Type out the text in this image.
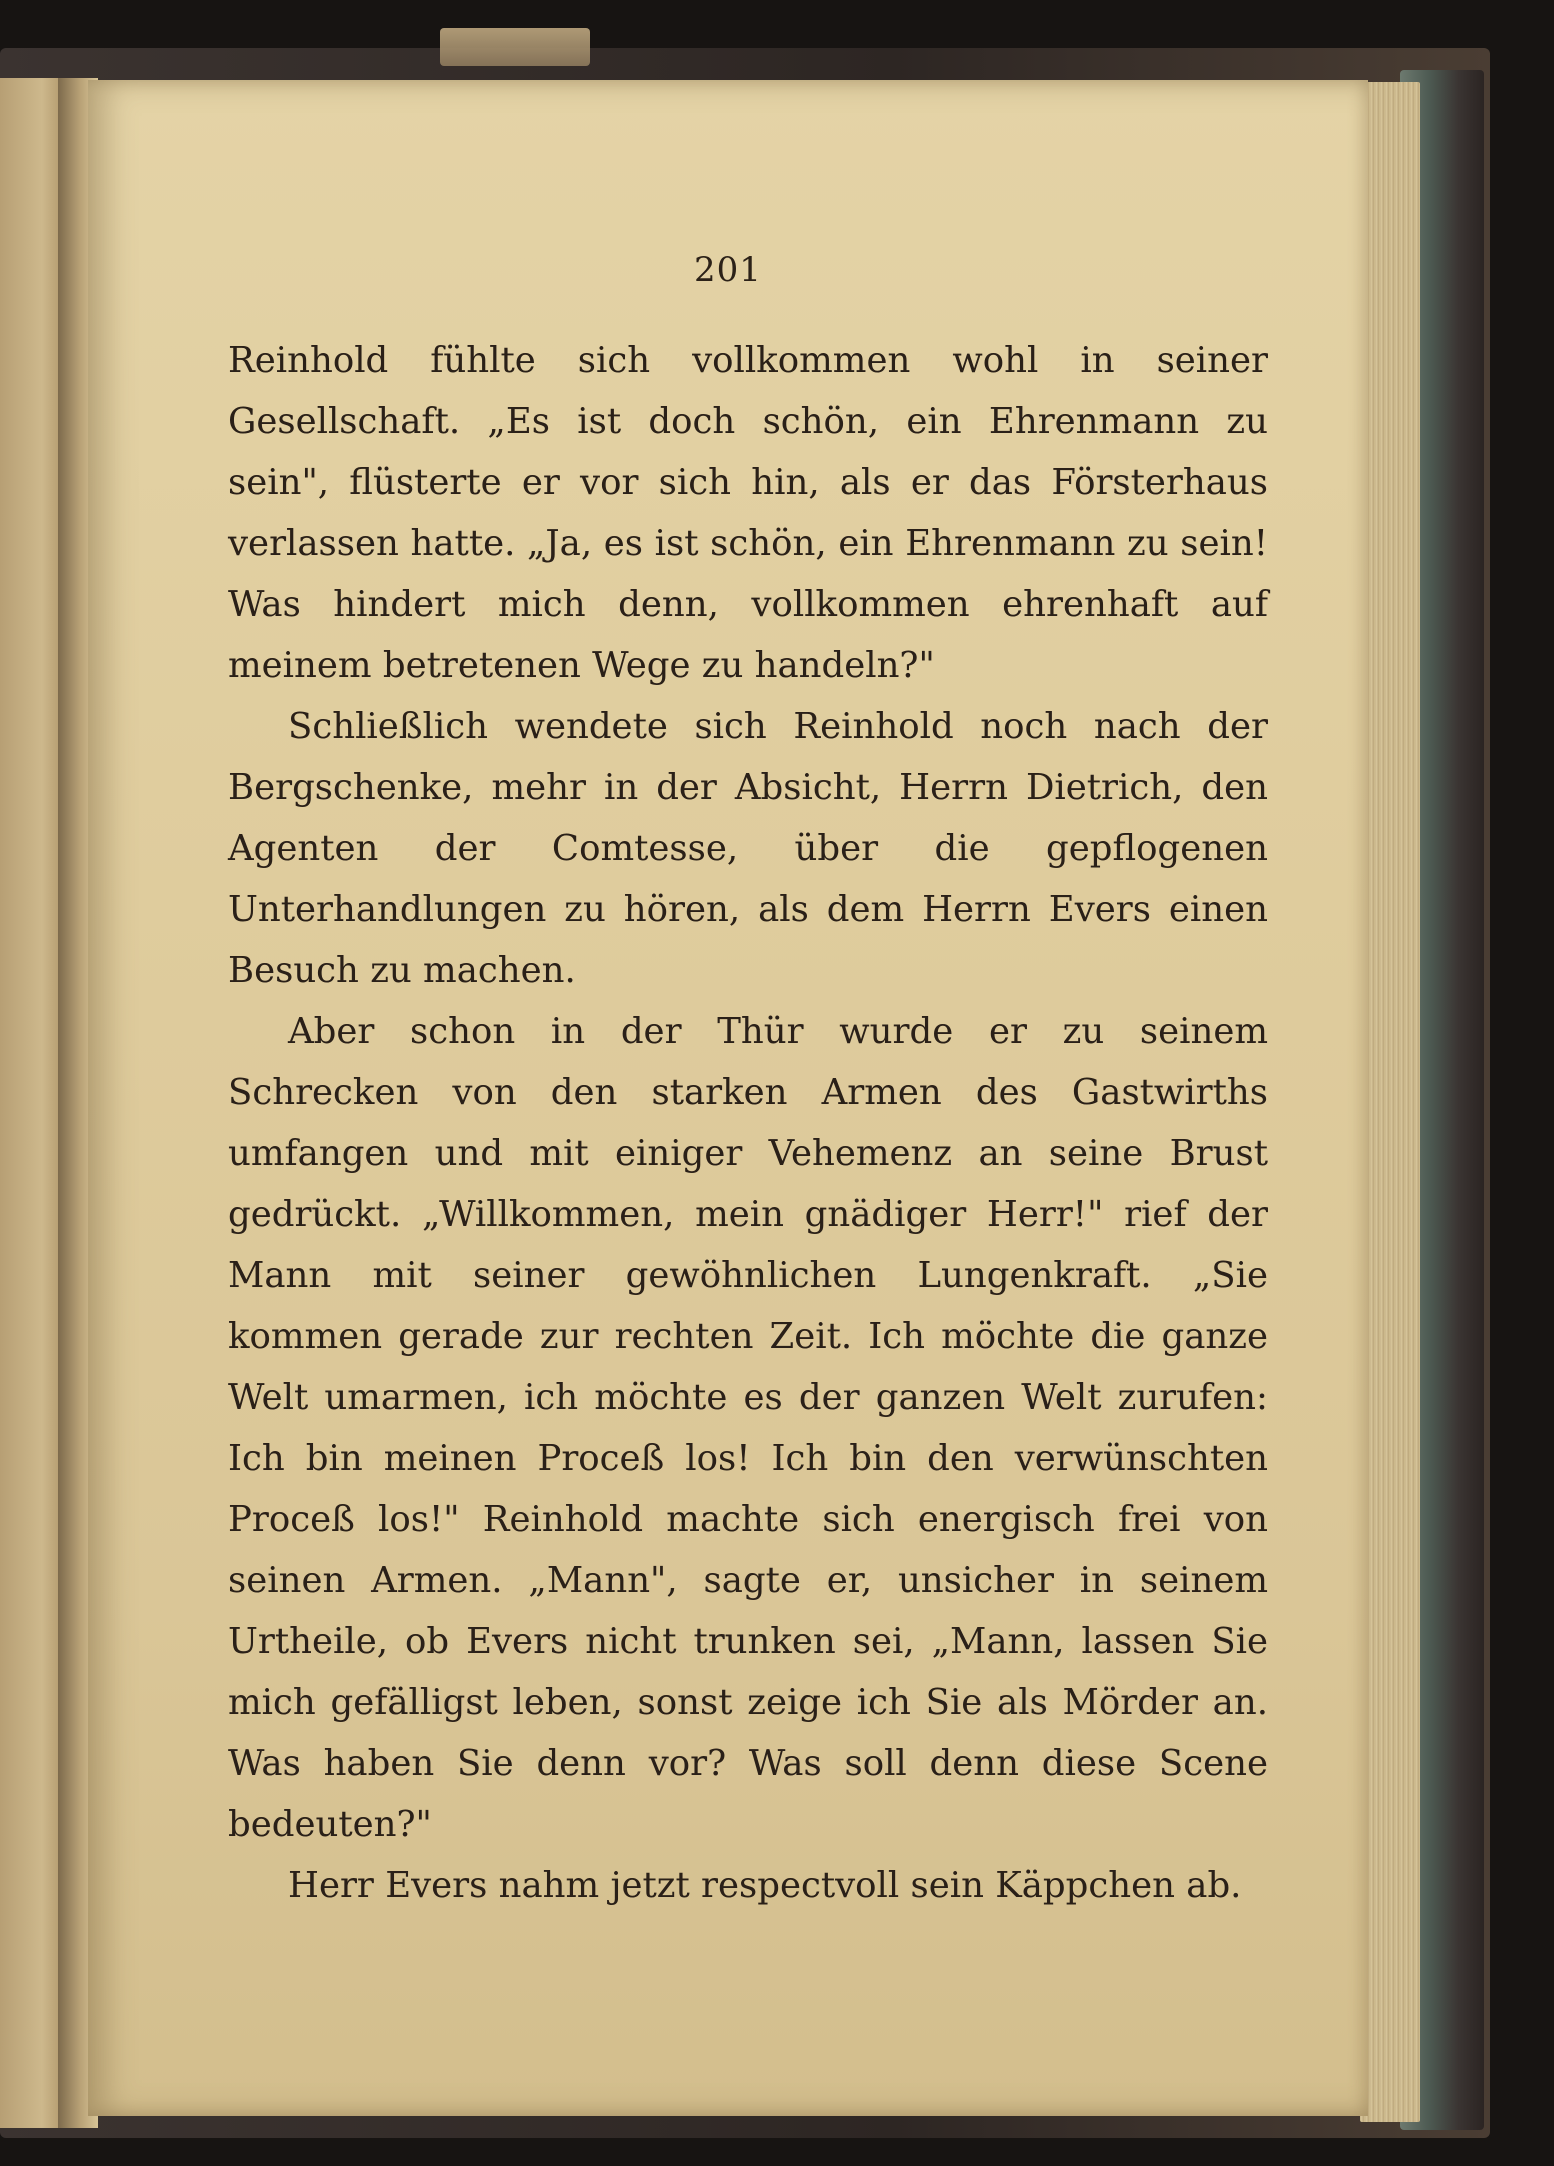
201

Reinhold fühlte sich vollkommen wohl in seiner Gesellschaft. „Es ist doch schön, ein Ehrenmann zu sein", flüsterte er vor sich hin, als er das Försterhaus verlassen hatte. „Ja, es ist schön, ein Ehrenmann zu sein! Was hindert mich denn, vollkommen ehrenhaft auf meinem betretenen Wege zu handeln?"

Schließlich wendete sich Reinhold noch nach der Bergschenke, mehr in der Absicht, Herrn Dietrich, den Agenten der Comtesse, über die gepflogenen Unterhandlungen zu hören, als dem Herrn Evers einen Besuch zu machen.

Aber schon in der Thür wurde er zu seinem Schrecken von den starken Armen des Gastwirths umfangen und mit einiger Vehemenz an seine Brust gedrückt. „Willkommen, mein gnädiger Herr!" rief der Mann mit seiner gewöhnlichen Lungenkraft. „Sie kommen gerade zur rechten Zeit. Ich möchte die ganze Welt umarmen, ich möchte es der ganzen Welt zurufen: Ich bin meinen Proceß los! Ich bin den verwünschten Proceß los!" Reinhold machte sich energisch frei von seinen Armen. „Mann", sagte er, unsicher in seinem Urtheile, ob Evers nicht trunken sei, „Mann, lassen Sie mich gefälligst leben, sonst zeige ich Sie als Mörder an. Was haben Sie denn vor? Was soll denn diese Scene bedeuten?"

Herr Evers nahm jetzt respectvoll sein Käppchen ab.
